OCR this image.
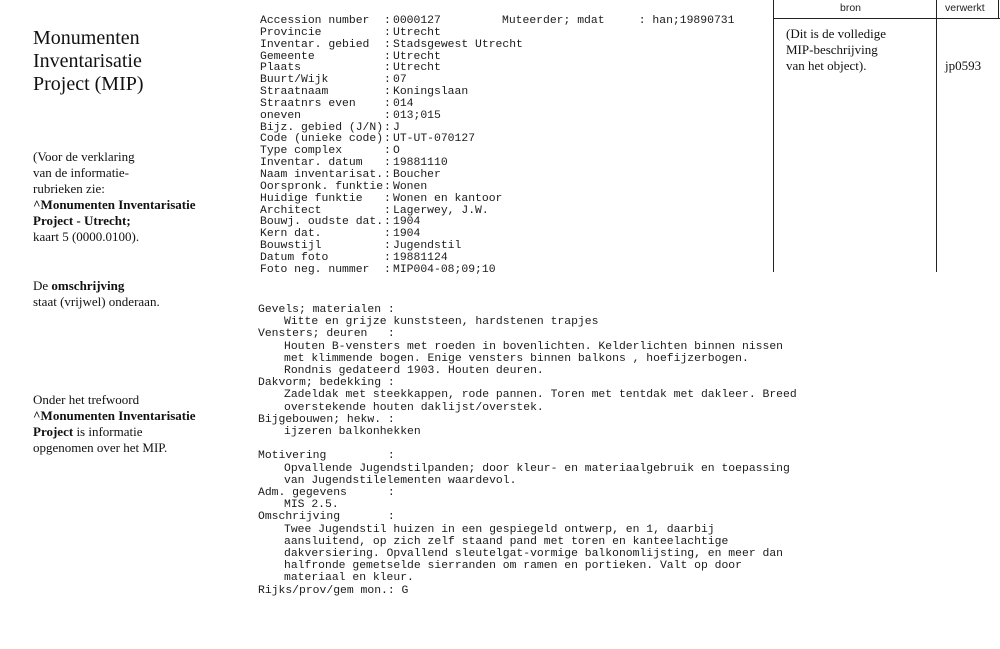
Monumenten
Inventarisatie
Project (MIP)
(Voor de verklaring
van de informatie-
rubrieken zie:
^Monumenten Inventarisatie
Project - Utrecht;
kaart 5 (0000.0100).
De omschrijving
staat (vrijwel) onderaan.
Onder het trefwoord
^Monumenten Inventarisatie
Project is informatie
opgenomen over het MIP.
Accession number	: 0000127
Provincie	: Utrecht
Inventar. gebied	: Stadsgewest Utrecht
Gemeente	: Utrecht
Plaats	: Utrecht
Buurt/Wijk	: 07
Straatnaam	: Koningslaan
Straatnrs even	: 014
oneven	: 013;015
Bijz. gebied (J/N) : J
Code (unieke code) : UT-UT-070127
Type complex	: O
Inventar. datum	: 19881110
Naam inventarisat. : Boucher
Oorspronk. funktie : Wonen
Huidige funktie	: Wonen en kantoor
Architect	: Lagerwey, J.W.
Bouwj. oudste dat. : 1904
Kern dat.	: 1904
Bouwstijl	: Jugendstil
Datum foto	: 19881124
Foto neg. nummer	: MIP004-08;09;10
Muteerder; mdat	: han;19890731
Gevels; materialen :
Witte en grijze kunststeen, hardstenen trapjes
Vensters; deuren   :
Houten B-vensters met roeden in bovenlichten. Kelderlichten binnen nissen
met klimmende bogen. Enige vensters binnen balkons , hoefijzerbogen.
Rondnis gedateerd 1903. Houten deuren.
Dakvorm; bedekking :
Zadeldak met steekkappen, rode pannen. Toren met tentdak met dakleer. Breed
overstekende houten daklijst/overstek.
Bijgebouwen; hekw. :
ijzeren balkonhekken
Motivering         :
Opvallende Jugendstilpanden; door kleur- en materiaalgebruik en toepassing
van Jugendstilelementen waardevol.
Adm. gegevens      :
MIS 2.5.
Omschrijving       :
Twee Jugendstil huizen in een gespiegeld ontwerp, en 1, daarbij
aansluitend, op zich zelf staand pand met toren en kanteelachtige
dakversiering. Opvallend sleutelgat-vormige balkonomlijsting, en meer dan
halfronde gemetselde sierranden om ramen en portieken. Valt op door
materiaal en kleur.
Rijks/prov/gem mon.: G
bron	verwerkt
(Dit is de volledige
MIP-beschrijving
van het object).	jp0593
